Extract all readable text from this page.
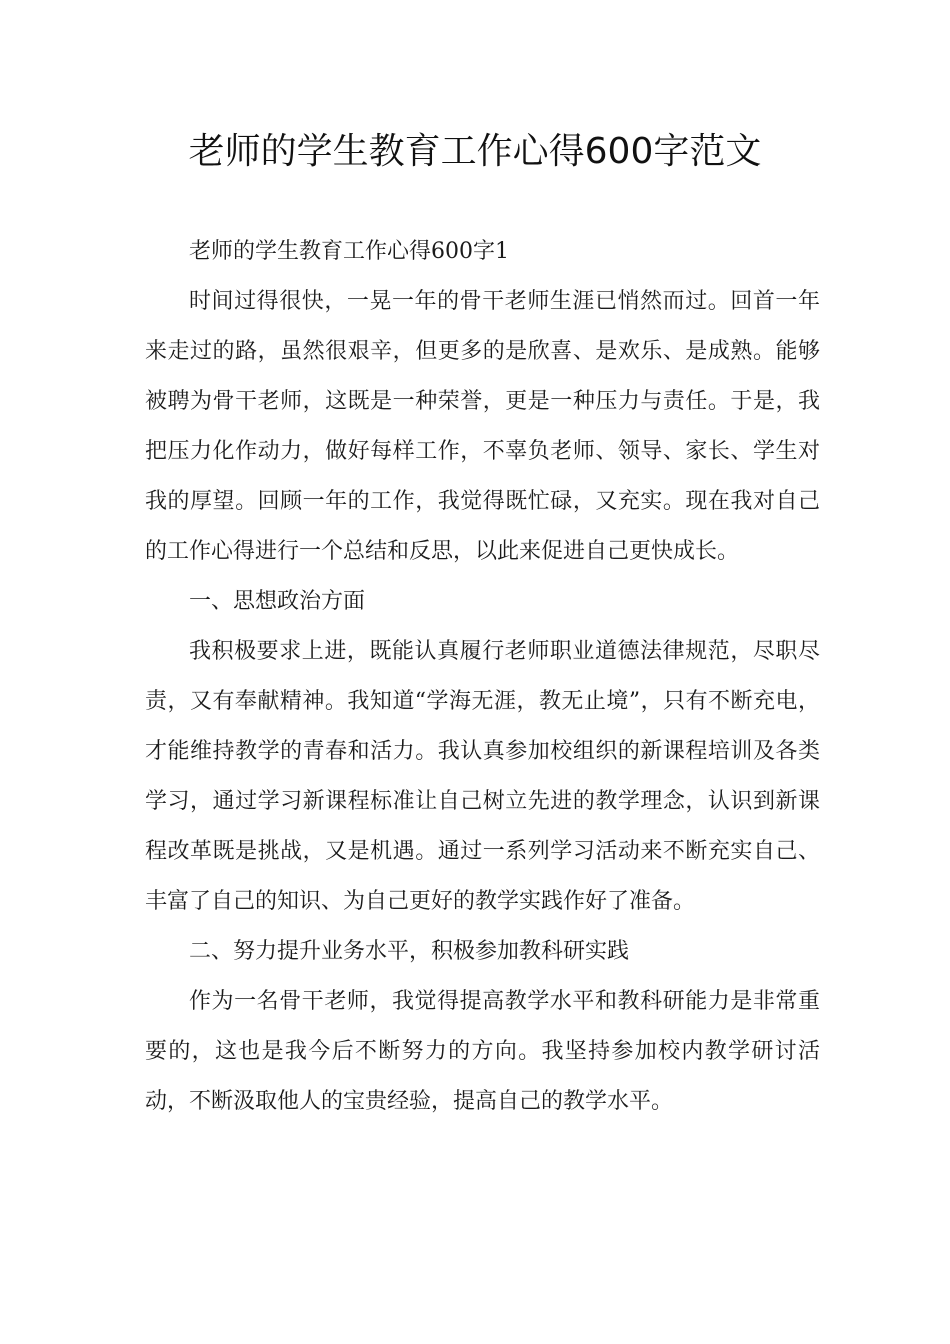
老师的学生教育工作心得600字范文

老师的学生教育工作心得600字1

时间过得很快，一晃一年的骨干老师生涯已悄然而过。回首一年来走过的路，虽然很艰辛，但更多的是欣喜、是欢乐、是成熟。能够被聘为骨干老师，这既是一种荣誉，更是一种压力与责任。于是，我把压力化作动力，做好每样工作，不辜负老师、领导、家长、学生对我的厚望。回顾一年的工作，我觉得既忙碌，又充实。现在我对自己的工作心得进行一个总结和反思，以此来促进自己更快成长。

一、思想政治方面

我积极要求上进，既能认真履行老师职业道德法律规范，尽职尽责，又有奉献精神。我知道“学海无涯，教无止境”，只有不断充电，才能维持教学的青春和活力。我认真参加校组织的新课程培训及各类学习，通过学习新课程标准让自己树立先进的教学理念，认识到新课程改革既是挑战，又是机遇。通过一系列学习活动来不断充实自己、丰富了自己的知识、为自己更好的教学实践作好了准备。

二、努力提升业务水平，积极参加教科研实践

作为一名骨干老师，我觉得提高教学水平和教科研能力是非常重要的，这也是我今后不断努力的方向。我坚持参加校内教学研讨活动，不断汲取他人的宝贵经验，提高自己的教学水平。
